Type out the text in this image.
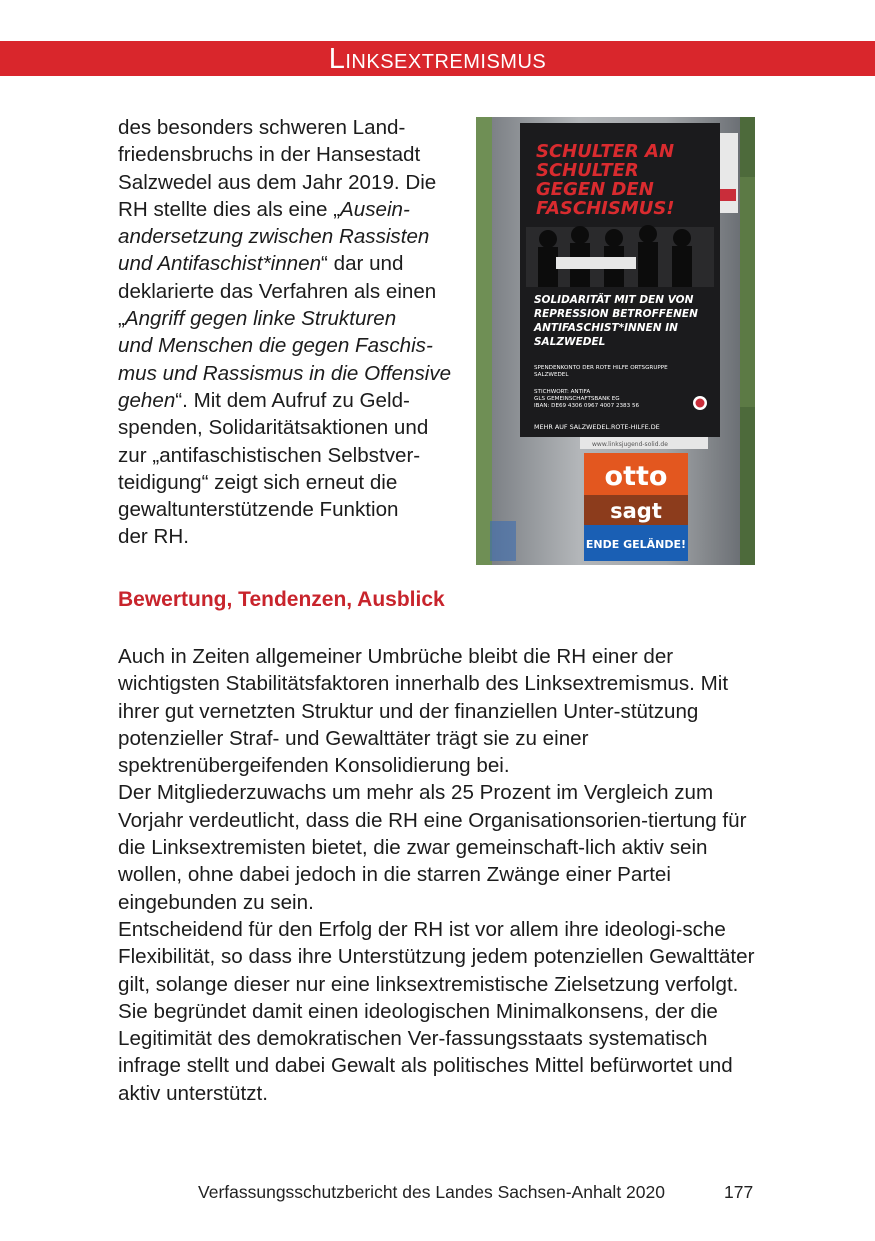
Linksextremismus
des besonders schweren Land-
friedensbruchs in der Hansestadt
Salzwedel aus dem Jahr 2019. Die
RH stellte dies als eine „Ausein-
andersetzung zwischen Rassisten
und Antifaschist*innen“ dar und
deklarierte das Verfahren als einen
„Angriff gegen linke Strukturen
und Menschen die gegen Faschis-
mus und Rassismus in die Offensive
gehen“. Mit dem Aufruf zu Geld-
spenden, Solidaritätsaktionen und
zur „antifaschistischen Selbstver-
teidigung“ zeigt sich erneut die
gewaltunterstützende Funktion
der RH.
SCHULTER AN
SCHULTER
GEGEN DEN
FASCHISMUS!
SOLIDARITÄT MIT DEN VON
REPRESSION BETROFFENEN
ANTIFASCHIST*INNEN IN
SALZWEDEL
SPENDENKONTO DER ROTE HILFE ORTSGRUPPE
SALZWEDEL
STICHWORT: ANTIFA
GLS GEMEINSCHAFTSBANK EG
IBAN: DE69 4306 0967 4007 2383 56
MEHR AUF SALZWEDEL.ROTE-HILFE.DE
www.linksjugend-solid.de
otto
sagt
ENDE GELÄNDE!
Bewertung, Tendenzen, Ausblick

Auch in Zeiten allgemeiner Umbrüche bleibt die RH einer der wichtigsten Stabilitätsfaktoren innerhalb des Linksextremismus. Mit ihrer gut vernetzten Struktur und der finanziellen Unter-stützung potenzieller Straf- und Gewalttäter trägt sie zu einer spektrenübergeifenden Konsolidierung bei.

Der Mitgliederzuwachs um mehr als 25 Prozent im Vergleich zum Vorjahr verdeutlicht, dass die RH eine Organisationsorien-tiertung für die Linksextremisten bietet, die zwar gemeinschaft-lich aktiv sein wollen, ohne dabei jedoch in die starren Zwänge einer Partei eingebunden zu sein.

Entscheidend für den Erfolg der RH ist vor allem ihre ideologi-sche Flexibilität, so dass ihre Unterstützung jedem potenziellen Gewalttäter gilt, solange dieser nur eine linksextremistische Zielsetzung verfolgt. Sie begründet damit einen ideologischen Minimalkonsens, der die Legitimität des demokratischen Ver-fassungsstaats systematisch infrage stellt und dabei Gewalt als politisches Mittel befürwortet und aktiv unterstützt.

Verfassungsschutzbericht des Landes Sachsen-Anhalt 2020	177
